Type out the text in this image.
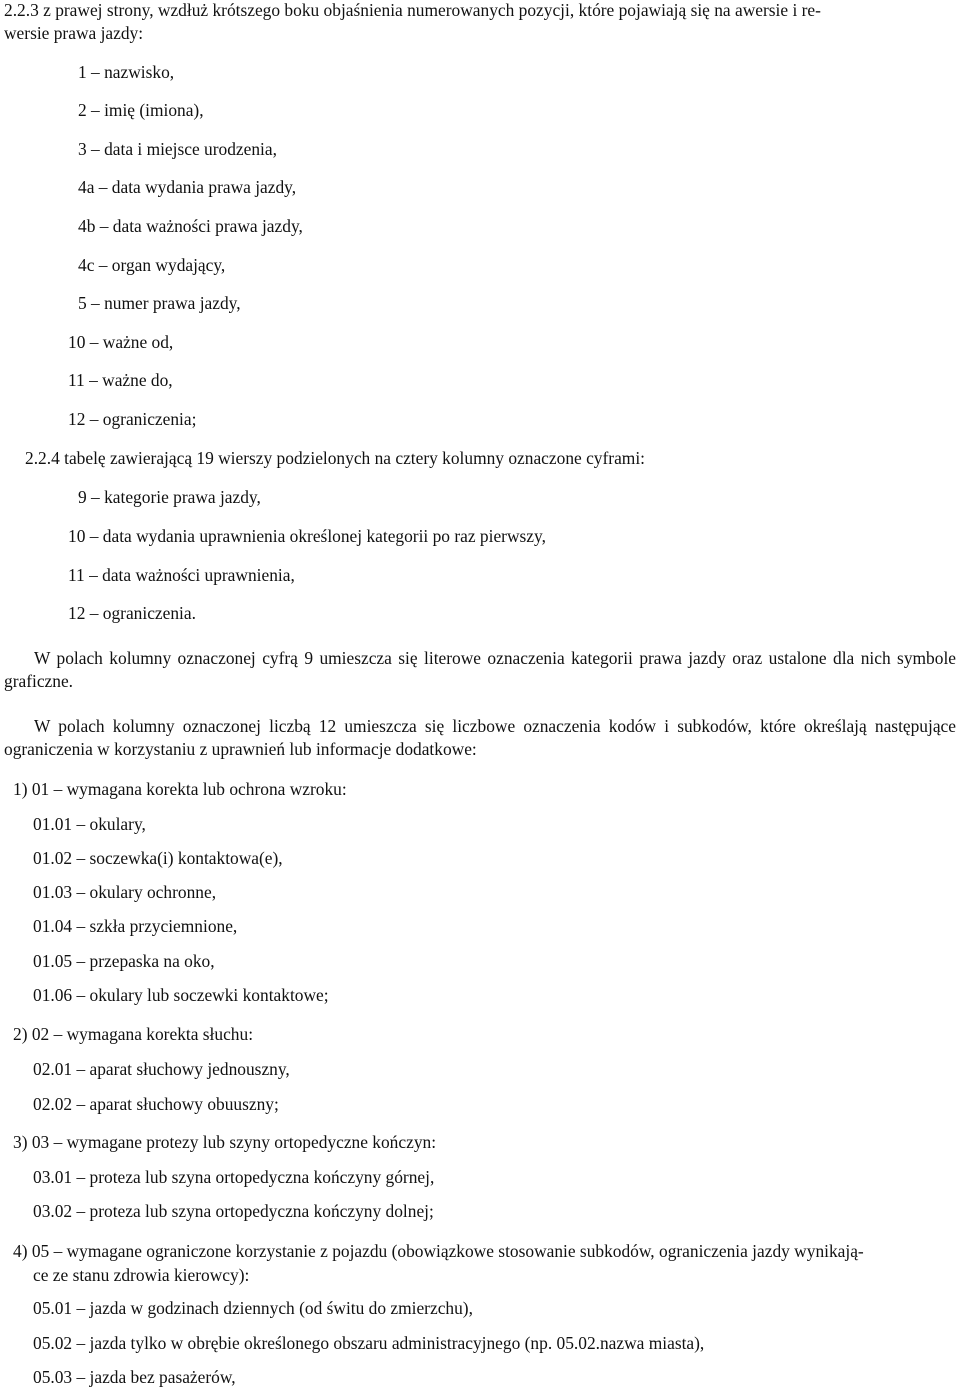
2.2.3 z prawej strony, wzdłuż krótszego boku objaśnienia numerowanych pozycji, które pojawiają się na awersie i re-
wersie prawa jazdy:
1 – nazwisko,
2 – imię (imiona),
3 – data i miejsce urodzenia,
4a – data wydania prawa jazdy,
4b – data ważności prawa jazdy,
4c – organ wydający,
5 – numer prawa jazdy,
10 – ważne od,
11 – ważne do,
12 – ograniczenia;
2.2.4 tabelę zawierającą 19 wierszy podzielonych na cztery kolumny oznaczone cyframi:
9 – kategorie prawa jazdy,
10 – data wydania uprawnienia określonej kategorii po raz pierwszy,
11 – data ważności uprawnienia,
12 – ograniczenia.
W polach kolumny oznaczonej cyfrą 9 umieszcza się literowe oznaczenia kategorii prawa jazdy oraz ustalone dla nich symbole graficzne.
W polach kolumny oznaczonej liczbą 12 umieszcza się liczbowe oznaczenia kodów i subkodów, które określają następujące ograniczenia w korzystaniu z uprawnień lub informacje dodatkowe:
1) 01 – wymagana korekta lub ochrona wzroku:
01.01 – okulary,
01.02 – soczewka(i) kontaktowa(e),
01.03 – okulary ochronne,
01.04 – szkła przyciemnione,
01.05 – przepaska na oko,
01.06 – okulary lub soczewki kontaktowe;
2) 02 – wymagana korekta słuchu:
02.01 – aparat słuchowy jednouszny,
02.02 – aparat słuchowy obuuszny;
3) 03 – wymagane protezy lub szyny ortopedyczne kończyn:
03.01 – proteza lub szyna ortopedyczna kończyny górnej,
03.02 – proteza lub szyna ortopedyczna kończyny dolnej;
4) 05 – wymagane ograniczone korzystanie z pojazdu (obowiązkowe stosowanie subkodów, ograniczenia jazdy wynikają-
ce ze stanu zdrowia kierowcy):
05.01 – jazda w godzinach dziennych (od świtu do zmierzchu),
05.02 – jazda tylko w obrębie określonego obszaru administracyjnego (np. 05.02.nazwa miasta),
05.03 – jazda bez pasażerów,
